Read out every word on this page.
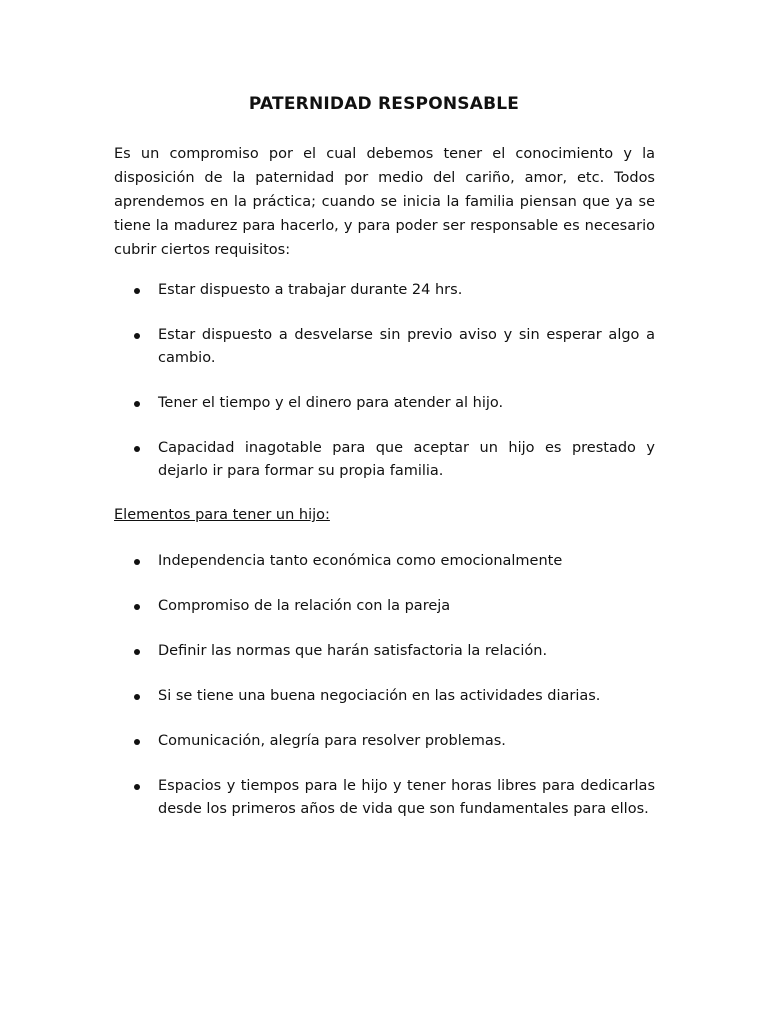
PATERNIDAD RESPONSABLE

Es un compromiso por el cual debemos tener el conocimiento y la disposición de la paternidad por medio del cariño, amor, etc. Todos aprendemos en la práctica; cuando se inicia la familia piensan que ya se tiene la madurez para hacerlo, y para poder ser responsable es necesario cubrir ciertos requisitos:

Estar dispuesto a trabajar durante 24 hrs.
Estar dispuesto a desvelarse sin previo aviso y sin esperar algo a cambio.
Tener el tiempo y el dinero para atender al hijo.
Capacidad inagotable para que aceptar un hijo es prestado y dejarlo ir para formar su propia familia.

Elementos para tener un hijo:

Independencia tanto económica como emocionalmente
Compromiso de la relación con la pareja
Definir las normas que harán satisfactoria la relación.
Si se tiene una buena negociación en las actividades diarias.
Comunicación, alegría para resolver problemas.
Espacios y tiempos para le hijo y tener horas libres para dedicarlas desde los primeros años de vida que son fundamentales para ellos.
